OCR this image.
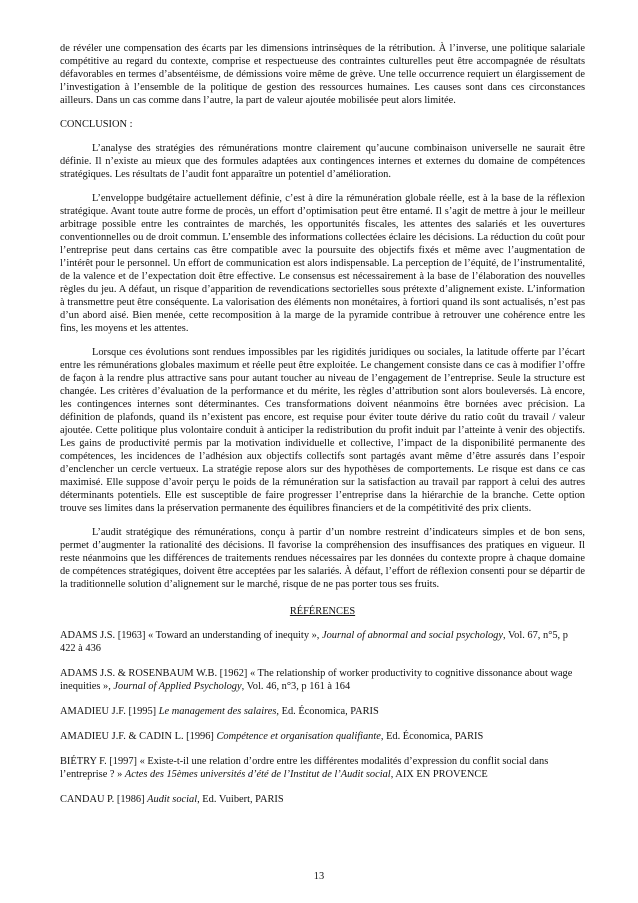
de révéler une compensation des écarts par les dimensions intrinsèques de la rétribution. À l’inverse, une politique salariale compétitive au regard du contexte, comprise et respectueuse des contraintes culturelles peut être accompagnée de résultats défavorables en termes d’absentéisme, de démissions voire même de grève. Une telle occurrence requiert un élargissement de l’investigation à l’ensemble de la politique de gestion des ressources humaines. Les causes sont dans ces circonstances ailleurs. Dans un cas comme dans l’autre, la part de valeur ajoutée mobilisée peut alors limitée.

CONCLUSION :

L’analyse des stratégies des rémunérations montre clairement qu’aucune combinaison universelle ne saurait être définie. Il n’existe au mieux que des formules adaptées aux contingences internes et externes du domaine de compétences stratégiques. Les résultats de l’audit font apparaître un potentiel d’amélioration.

L’enveloppe budgétaire actuellement définie, c’est à dire la rémunération globale réelle, est à la base de la réflexion stratégique. Avant toute autre forme de procès, un effort d’optimisation peut être entamé. Il s’agit de mettre à jour le meilleur arbitrage possible entre les contraintes de marchés, les opportunités fiscales, les attentes des salariés et les ouvertures conventionnelles ou de droit commun. L’ensemble des informations collectées éclaire les décisions. La réduction du coût pour l’entreprise peut dans certains cas être compatible avec la poursuite des objectifs fixés et même avec l’augmentation de l’intérêt pour le personnel. Un effort de communication est alors indispensable. La perception de l’équité, de l’instrumentalité, de la valence et de l’expectation doit être effective. Le consensus est nécessairement à la base de l’élaboration des nouvelles règles du jeu. A défaut, un risque d’apparition de revendications sectorielles sous prétexte d’alignement existe. L’information à transmettre peut être conséquente. La valorisation des éléments non monétaires, à fortiori quand ils sont actualisés, n’est pas d’un abord aisé. Bien menée, cette recomposition à la marge de la pyramide contribue à retrouver une cohérence entre les fins, les moyens et les attentes.

Lorsque ces évolutions sont rendues impossibles par les rigidités juridiques ou sociales, la latitude offerte par l’écart entre les rémunérations globales maximum et réelle peut être exploitée. Le changement consiste dans ce cas à modifier l’offre de façon à la rendre plus attractive sans pour autant toucher au niveau de l’engagement de l’entreprise. Seule la structure est changée. Les critères d’évaluation de la performance et du mérite, les règles d’attribution sont alors bouleversés. Là encore, les contingences internes sont déterminantes. Ces transformations doivent néanmoins être bornées avec précision. La définition de plafonds, quand ils n’existent pas encore, est requise pour éviter toute dérive du ratio coût du travail / valeur ajoutée. Cette politique plus volontaire conduit à anticiper la redistribution du profit induit par l’atteinte à venir des objectifs. Les gains de productivité permis par la motivation individuelle et collective, l’impact de la disponibilité permanente des compétences, les incidences de l’adhésion aux objectifs collectifs sont partagés avant même d’être assurés dans l’espoir d’enclencher un cercle vertueux. La stratégie repose alors sur des hypothèses de comportements. Le risque est dans ce cas maximisé. Elle suppose d’avoir perçu le poids de la rémunération sur la satisfaction au travail par rapport à celui des autres déterminants potentiels. Elle est susceptible de faire progresser l’entreprise dans la hiérarchie de la branche. Cette option trouve ses limites dans la préservation permanente des équilibres financiers et de la compétitivité des prix clients.

L’audit stratégique des rémunérations, conçu à partir d’un nombre restreint d’indicateurs simples et de bon sens, permet d’augmenter la rationalité des décisions. Il favorise la compréhension des insuffisances des pratiques en vigueur. Il reste néanmoins que les différences de traitements rendues nécessaires par les données du contexte propre à chaque domaine de compétences stratégiques, doivent être acceptées par les salariés. À défaut, l’effort de réflexion consenti pour se départir de la traditionnelle solution d’alignement sur le marché, risque de ne pas porter tous ses fruits.

RÉFÉRENCES

ADAMS J.S. [1963] « Toward an understanding of inequity », Journal of abnormal and social psychology, Vol. 67, n°5, p 422 à 436

ADAMS J.S. & ROSENBAUM W.B. [1962] « The relationship of worker productivity to cognitive dissonance about wage inequities », Journal of Applied Psychology, Vol. 46, n°3, p 161 à 164

AMADIEU J.F. [1995] Le management des salaires, Ed. Économica, PARIS

AMADIEU J.F. & CADIN L. [1996] Compétence et organisation qualifiante, Ed. Économica, PARIS

BIÉTRY F. [1997] « Existe-t-il une relation d’ordre entre les différentes modalités d’expression du conflit social dans l’entreprise ? » Actes des 15èmes universités d’été de l’Institut de l’Audit social, AIX EN PROVENCE

CANDAU P. [1986] Audit social, Ed. Vuibert, PARIS

13
